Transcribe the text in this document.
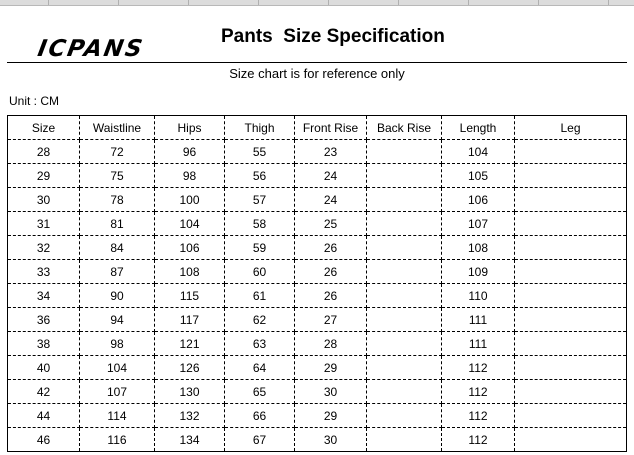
ICPANS	Pants  Size Specification
Size chart is for reference only
Unit : CM
Size	Waistline	Hips	Thigh	Front Rise	Back Rise	Length	Leg
28	72	96	55	23		104	
29	75	98	56	24		105	
30	78	100	57	24		106	
31	81	104	58	25		107	
32	84	106	59	26		108	
33	87	108	60	26		109	
34	90	115	61	26		110	
36	94	117	62	27		111	
38	98	121	63	28		111	
40	104	126	64	29		112	
42	107	130	65	30		112	
44	114	132	66	29		112	
46	116	134	67	30		112	
